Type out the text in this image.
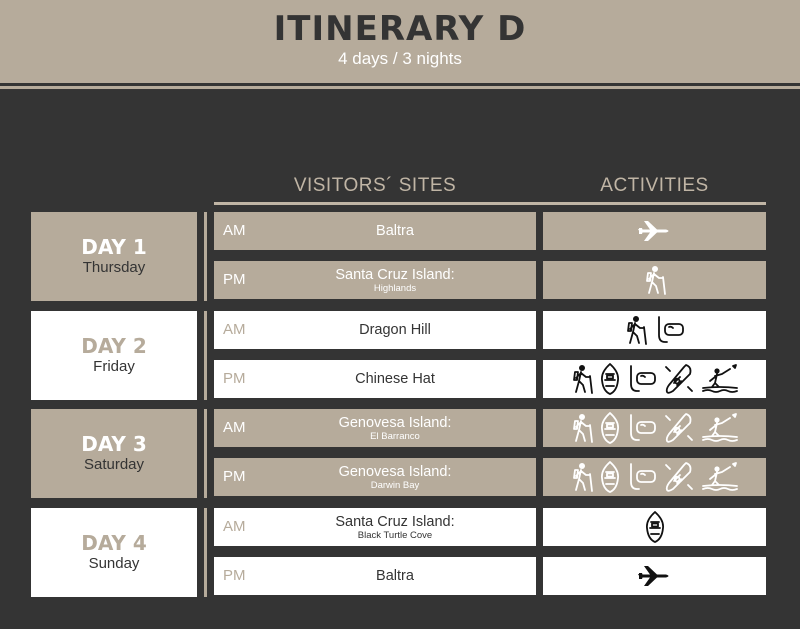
ITINERARY D
4 days / 3 nights
VISITORS´ SITES	ACTIVITIES
DAY 1
Thursday
AM	Baltra
PM	Santa Cruz Island:
Highlands
DAY 2
Friday
AM	Dragon Hill
PM	Chinese Hat
DAY 3
Saturday
AM	Genovesa Island:
El Barranco
PM	Genovesa Island:
Darwin Bay
DAY 4
Sunday
AM	Santa Cruz Island:
Black Turtle Cove
PM	Baltra
